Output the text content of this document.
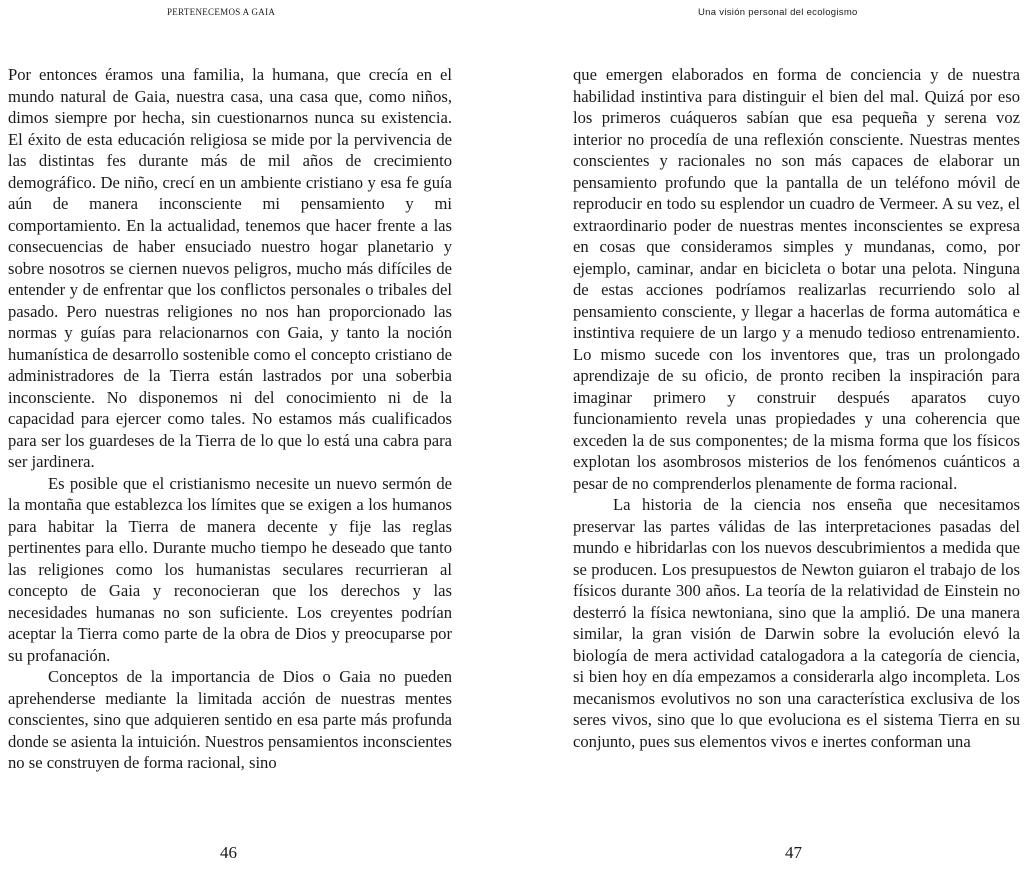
PERTENECEMOS A GAIA

Por entonces éramos una familia, la humana, que crecía en el mundo natural de Gaia, nuestra casa, una casa que, como niños, dimos siempre por hecha, sin cuestionarnos nunca su existencia. El éxito de esta educación religiosa se mide por la pervivencia de las distintas fes durante más de mil años de crecimiento demográfico. De niño, crecí en un ambiente cristiano y esa fe guía aún de manera inconsciente mi pensamiento y mi comportamiento. En la actualidad, tenemos que hacer frente a las consecuencias de haber ensuciado nuestro hogar planetario y sobre nosotros se ciernen nuevos peligros, mucho más difíciles de entender y de enfrentar que los conflictos personales o tribales del pasado. Pero nuestras religiones no nos han proporcionado las normas y guías para relacionarnos con Gaia, y tanto la noción humanística de desarrollo sostenible como el concepto cristiano de administradores de la Tierra están lastrados por una soberbia inconsciente. No disponemos ni del conocimiento ni de la capacidad para ejercer como tales. No estamos más cualificados para ser los guardeses de la Tierra de lo que lo está una cabra para ser jardinera.

Es posible que el cristianismo necesite un nuevo sermón de la montaña que establezca los límites que se exigen a los humanos para habitar la Tierra de manera decente y fije las reglas pertinentes para ello. Durante mucho tiempo he deseado que tanto las religiones como los humanistas seculares recurrieran al concepto de Gaia y reconocieran que los derechos y las necesidades humanas no son suficiente. Los creyentes podrían aceptar la Tierra como parte de la obra de Dios y preocuparse por su profanación.

Conceptos de la importancia de Dios o Gaia no pueden aprehenderse mediante la limitada acción de nuestras mentes conscientes, sino que adquieren sentido en esa parte más profunda donde se asienta la intuición. Nuestros pensamientos inconscientes no se construyen de forma racional, sino

46
Una visión personal del ecologismo

que emergen elaborados en forma de conciencia y de nuestra habilidad instintiva para distinguir el bien del mal. Quizá por eso los primeros cuáqueros sabían que esa pequeña y serena voz interior no procedía de una reflexión consciente. Nuestras mentes conscientes y racionales no son más capaces de elaborar un pensamiento profundo que la pantalla de un teléfono móvil de reproducir en todo su esplendor un cuadro de Vermeer. A su vez, el extraordinario poder de nuestras mentes inconscientes se expresa en cosas que consideramos simples y mundanas, como, por ejemplo, caminar, andar en bicicleta o botar una pelota. Ninguna de estas acciones podríamos realizarlas recurriendo solo al pensamiento consciente, y llegar a hacerlas de forma automática e instintiva requiere de un largo y a menudo tedioso entrenamiento. Lo mismo sucede con los inventores que, tras un prolongado aprendizaje de su oficio, de pronto reciben la inspiración para imaginar primero y construir después aparatos cuyo funcionamiento revela unas propiedades y una coherencia que exceden la de sus componentes; de la misma forma que los físicos explotan los asombrosos misterios de los fenómenos cuánticos a pesar de no comprenderlos plenamente de forma racional.

La historia de la ciencia nos enseña que necesitamos preservar las partes válidas de las interpretaciones pasadas del mundo e hibridarlas con los nuevos descubrimientos a medida que se producen. Los presupuestos de Newton guiaron el trabajo de los físicos durante 300 años. La teoría de la relatividad de Einstein no desterró la física newtoniana, sino que la amplió. De una manera similar, la gran visión de Darwin sobre la evolución elevó la biología de mera actividad catalogadora a la categoría de ciencia, si bien hoy en día empezamos a considerarla algo incompleta. Los mecanismos evolutivos no son una característica exclusiva de los seres vivos, sino que lo que evoluciona es el sistema Tierra en su conjunto, pues sus elementos vivos e inertes conforman una

47
